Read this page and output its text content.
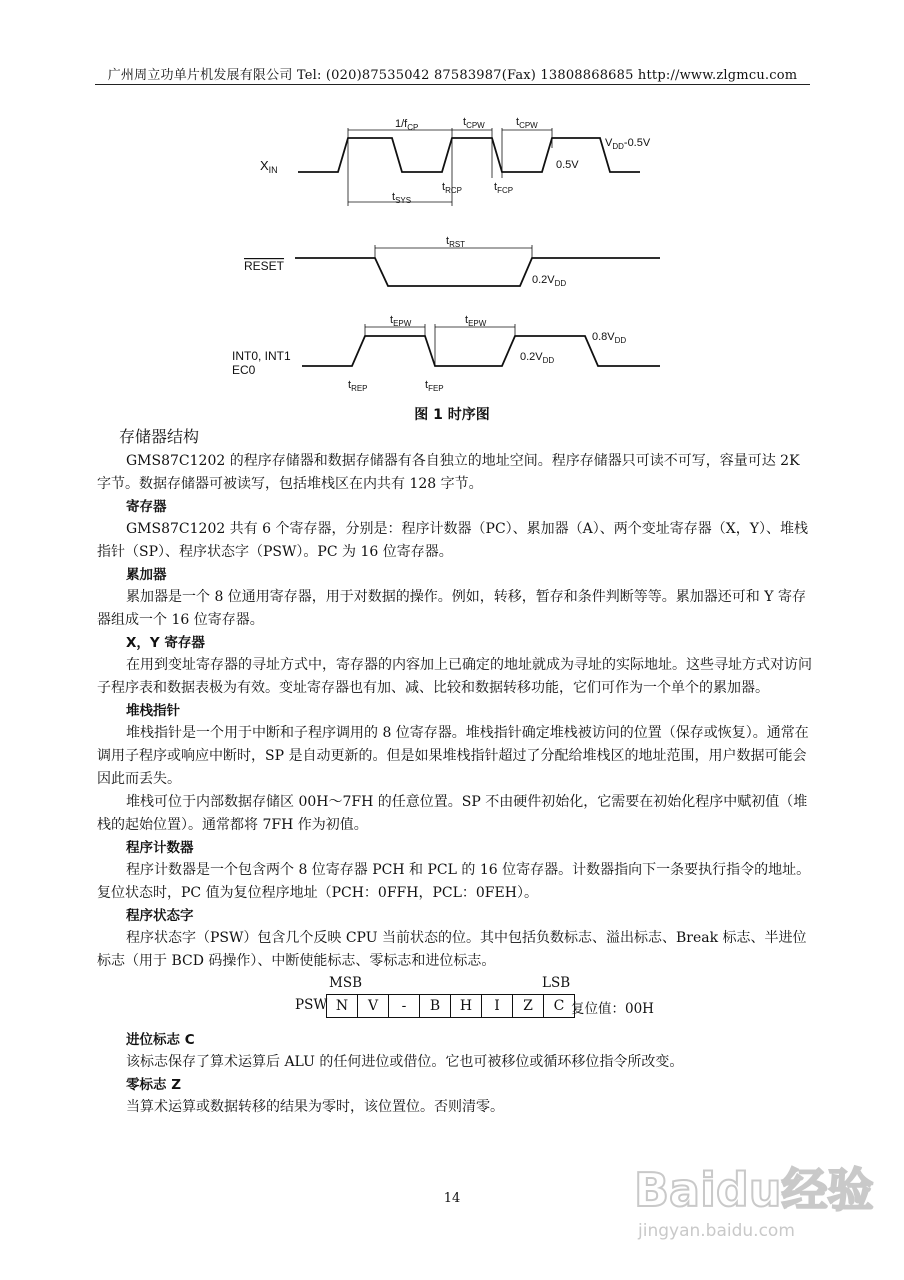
广州周立功单片机发展有限公司 Tel: (020)87535042 87583987(Fax) 13808868685 http://www.zlgmcu.com
$X_{IN}$
RESET
INT0, INT1
EC0
$1/f_{CP}$	$t_{CPW}$	$t_{CPW}$
$V_{DD}-0.5V$
0.5V
$t_{RCP}$	$t_{FCP}$
$t_{SYS}$
$t_{RST}$
$0.2V_{DD}$
$t_{EPW}$	$t_{EPW}$
$0.2V_{DD}$
$0.8V_{DD}$
$t_{REP}$	$t_{FEP}$
图 1 时序图
存储器结构

GMS87C1202 的程序存储器和数据存储器有各自独立的地址空间。程序存储器只可读不可写，容量可达 2K 字节。数据存储器可被读写，包括堆栈区在内共有 128 字节。

寄存器

GMS87C1202 共有 6 个寄存器，分别是：程序计数器（PC）、累加器（A）、两个变址寄存器（X，Y）、堆栈指针（SP）、程序状态字（PSW）。PC 为 16 位寄存器。

累加器

累加器是一个 8 位通用寄存器，用于对数据的操作。例如，转移，暂存和条件判断等等。累加器还可和 Y 寄存器组成一个 16 位寄存器。

X，Y 寄存器

在用到变址寄存器的寻址方式中，寄存器的内容加上已确定的地址就成为寻址的实际地址。这些寻址方式对访问子程序表和数据表极为有效。变址寄存器也有加、减、比较和数据转移功能，它们可作为一个单个的累加器。

堆栈指针

堆栈指针是一个用于中断和子程序调用的 8 位寄存器。堆栈指针确定堆栈被访问的位置（保存或恢复）。通常在调用子程序或响应中断时，SP 是自动更新的。但是如果堆栈指针超过了分配给堆栈区的地址范围，用户数据可能会因此而丢失。

堆栈可位于内部数据存储区 00H～7FH 的任意位置。SP 不由硬件初始化，它需要在初始化程序中赋初值（堆栈的起始位置）。通常都将 7FH 作为初值。

程序计数器

程序计数器是一个包含两个 8 位寄存器 PCH 和 PCL 的 16 位寄存器。计数器指向下一条要执行指令的地址。复位状态时，PC 值为复位程序地址（PCH：0FFH，PCL：0FEH）。

程序状态字

程序状态字（PSW）包含几个反映 CPU 当前状态的位。其中包括负数标志、溢出标志、Break 标志、半进位标志（用于 BCD 码操作）、中断使能标志、零标志和进位标志。

MSB	LSB
PSW N	V	-	B	H	I	Z	C 复位值：00H
进位标志 C

该标志保存了算术运算后 ALU 的任何进位或借位。它也可被移位或循环移位指令所改变。

零标志 Z

当算术运算或数据转移的结果为零时，该位置位。否则清零。

14	Baidu经验
jingyan.baidu.com
